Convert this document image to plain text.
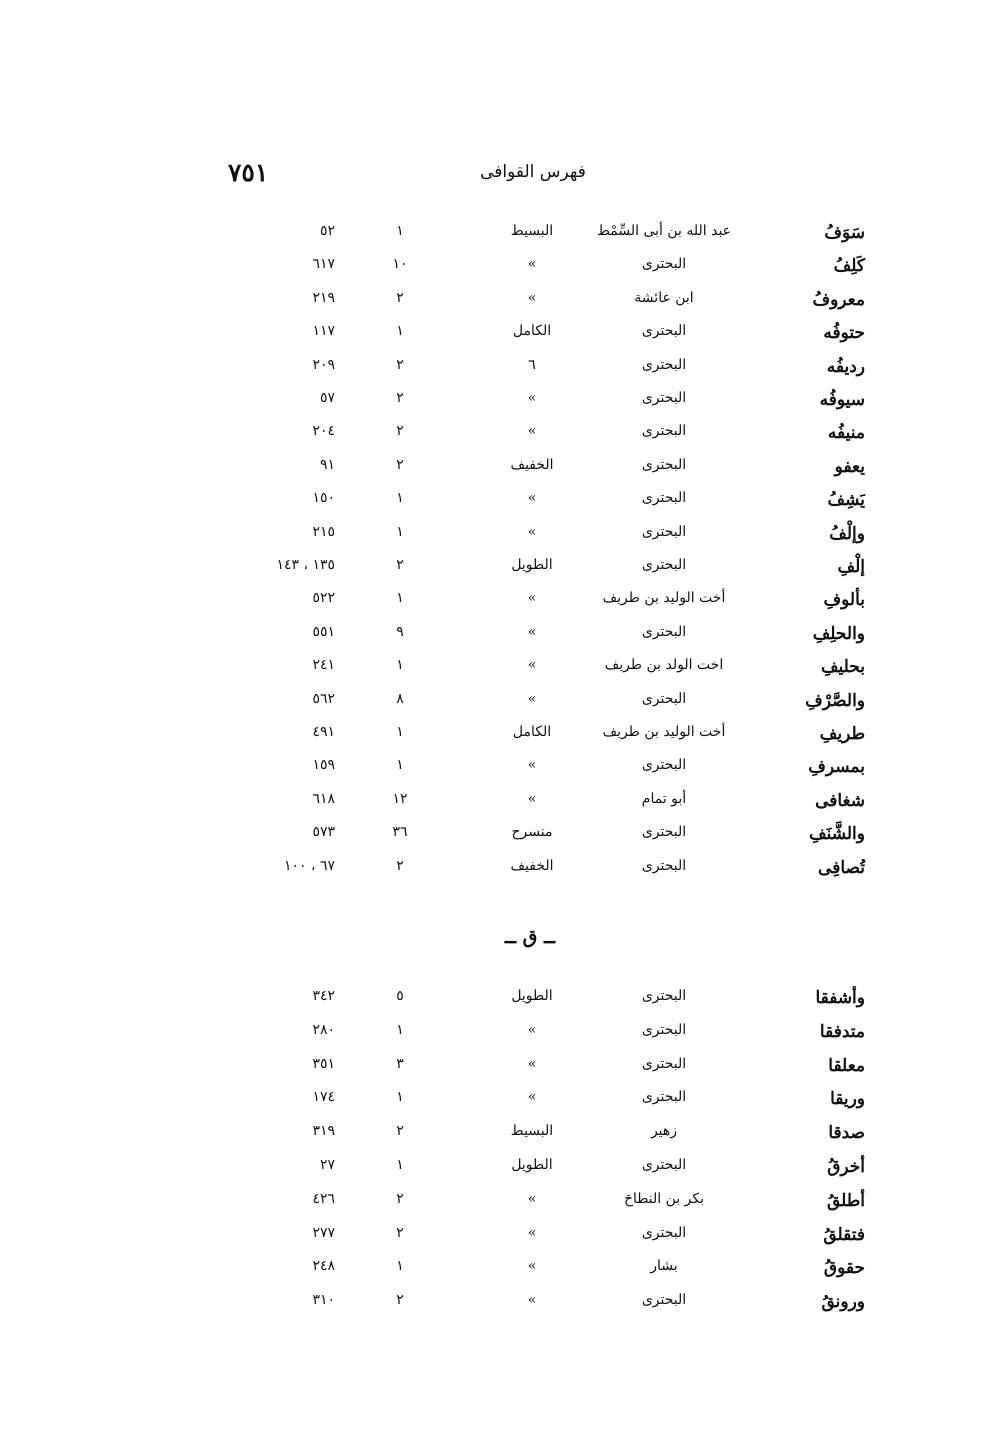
٧٥١	فهرس القوافى
سَوَفُ
عبد الله بن أبى السِّمْط
البسيط
١
٥٢
كَلِفُ
البحترى
»
١٠
٦١٧
معروفُ
ابن عائشة
»
٢
٢١٩
حتوفُه
البحترى
الكامل
١
١١٧
رديفُه
البحترى
٦
٢
٢٠٩
سيوفُه
البحترى
»
٢
٥٧
منيفُه
البحترى
»
٢
٢٠٤
يعفو
البحترى
الخفيف
٢
٩١
يَشِفُ
البحترى
»
١
١٥٠
وإلْفُ
البحترى
»
١
٢١٥
إلْفِ
البحترى
الطويل
٢
١٣٥ ، ١٤٣
بألوفِ
أخت الوليد بن طريف
»
١
٥٢٢
والحلِفِ
البحترى
»
٩
٥٥١
بحليفِ
اخت الولد بن طريف
»
١
٢٤١
والصَّرْفِ
البحترى
»
٨
٥٦٢
طريفِ
أخت الوليد بن طريف
الكامل
١
٤٩١
بمسرفِ
البحترى
»
١
١٥٩
شغافى
أبو تمام
»
١٢
٦١٨
والشَّنَفِ
البحترى
منسرح
٣٦
٥٧٣
تُصافِى
البحترى
الخفيف
٢
٦٧ ، ١٠٠
ــ ق ــ
وأشفقا
البحترى
الطويل
٥
٣٤٢
متدفقا
البحترى
»
١
٢٨٠
معلقا
البحترى
»
٣
٣٥١
وريقا
البحترى
»
١
١٧٤
صدقا
زهير
البسيط
٢
٣١٩
أخرقُ
البحترى
الطويل
١
٢٧
أطلقُ
بكر بن النطاحَ
»
٢
٤٢٦
فتقلقُ
البحترى
»
٢
٢٧٧
حقوقُ
بشار
»
١
٢٤٨
ورونقُ
البحترى
»
٢
٣١٠
